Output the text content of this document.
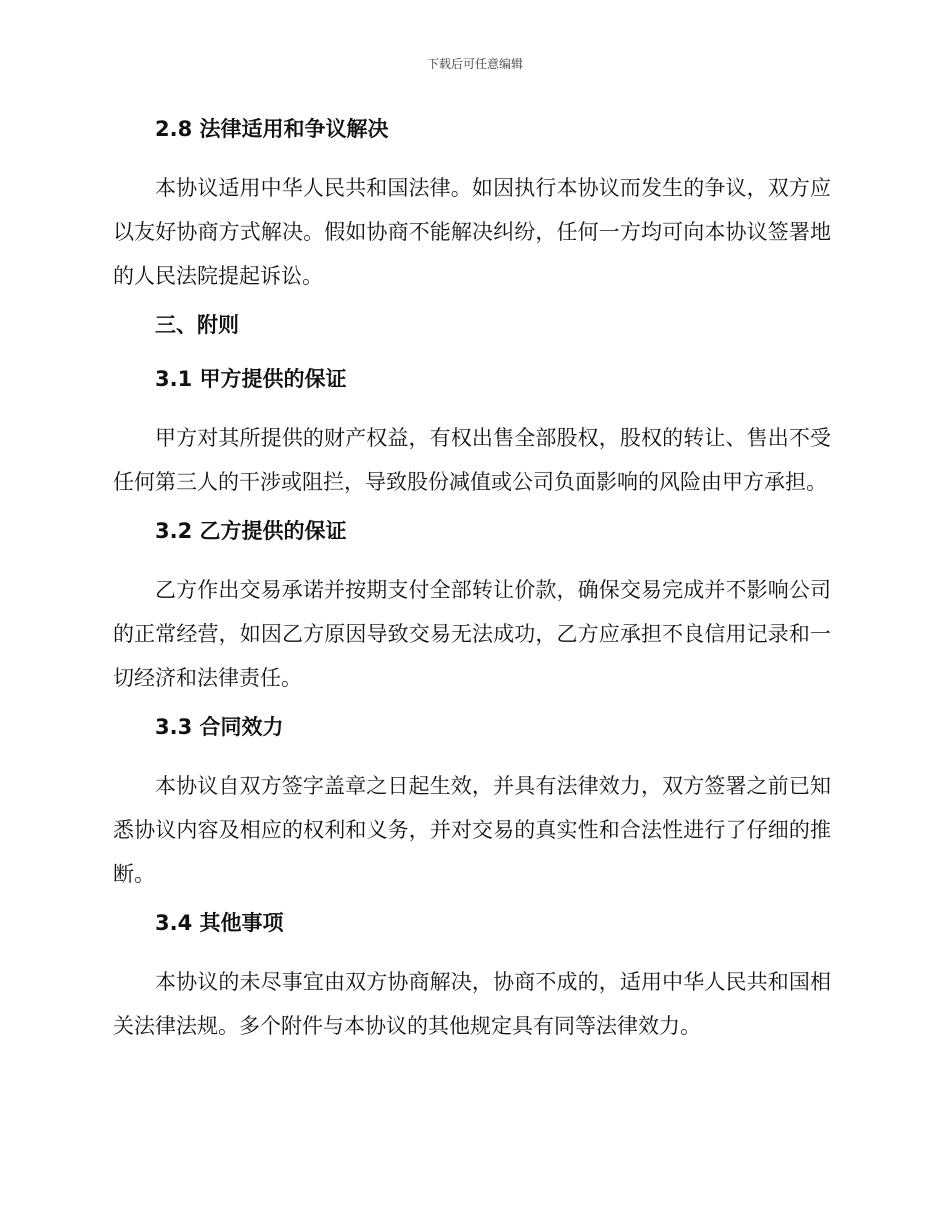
下载后可任意编辑
2.8 法律适用和争议解决

本协议适用中华人民共和国法律。如因执行本协议而发生的争议，双方应以友好协商方式解决。假如协商不能解决纠纷，任何一方均可向本协议签署地的人民法院提起诉讼。

三、附则
3.1 甲方提供的保证

甲方对其所提供的财产权益，有权出售全部股权，股权的转让、售出不受任何第三人的干涉或阻拦，导致股份减值或公司负面影响的风险由甲方承担。

3.2 乙方提供的保证

乙方作出交易承诺并按期支付全部转让价款，确保交易完成并不影响公司的正常经营，如因乙方原因导致交易无法成功，乙方应承担不良信用记录和一切经济和法律责任。

3.3 合同效力

本协议自双方签字盖章之日起生效，并具有法律效力，双方签署之前已知悉协议内容及相应的权利和义务，并对交易的真实性和合法性进行了仔细的推断。

3.4 其他事项

本协议的未尽事宜由双方协商解决，协商不成的，适用中华人民共和国相关法律法规。多个附件与本协议的其他规定具有同等法律效力。
